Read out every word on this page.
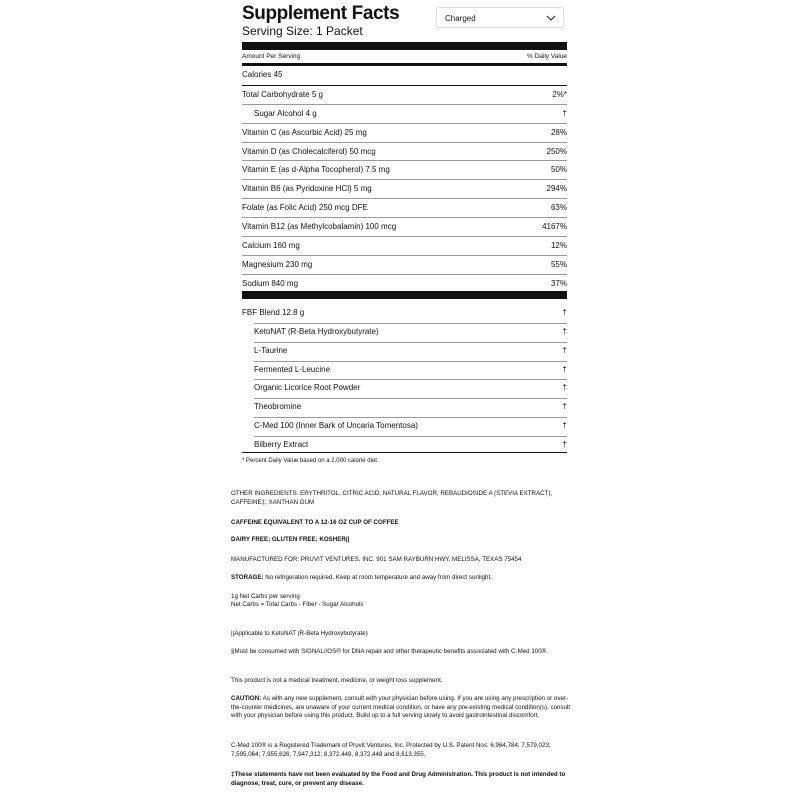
Supplement Facts
Serving Size: 1 Packet
Charged
Amount Per Serving	% Daily Value
Calories 45
Total Carbohydrate 5 g	2%*
Sugar Alcohol 4 g	†
Vitamin C (as Ascorbic Acid) 25 mg	28%
Vitamin D (as Cholecalciferol) 50 mcg	250%
Vitamin E (as d-Alpha Tocopherol) 7.5 mg	50%
Vitamin B6 (as Pyridoxine HCl) 5 mg	294%
Folate (as Folic Acid) 250 mcg DFE	63%
Vitamin B12 (as Methylcobalamin) 100 mcg	4167%
Calcium 160 mg	12%
Magnesium 230 mg	55%
Sodium 840 mg	37%
FBF Blend 12.8 g	†
KetoNAT (R-Beta Hydroxybutyrate)	†
L-Taurine	†
Fermented L-Leucine	†
Organic Licorice Root Powder	†
Theobromine	†
C-Med 100 (Inner Bark of Uncaria Tomentosa)	†
Bilberry Extract	†
* Percent Daily Value based on a 2,000 calorie diet.
OTHER INGREDIENTS: ERYTHRITOL, CITRIC ACID, NATURAL FLAVOR, REBAUDIOSIDE A (STEVIA EXTRACT), CAFFEINE‡, XANTHAN GUM
CAFFEINE EQUIVALENT TO A 12-16 OZ CUP OF COFFEE
DAIRY FREE; GLUTEN FREE; KOSHER||
MANUFACTURED FOR: PRUVIT VENTURES, INC. 901 SAM RAYBURN HWY, MELISSA, TEXAS 75454
STORAGE: No refrigeration required. Keep at room temperature and away from direct sunlight.
1g Net Carbs per serving
Net Carbs = Total Carbs - Fiber - Sugar Alcohols
||Applicable to KetoNAT (R-Beta Hydroxybutyrate)
§Must be consumed with SIGNAL//OS® for DNA repair and other therapeutic benefits associated with C-Med 100®.
This product is not a medical treatment, medicine, or weight loss supplement.
CAUTION: As with any new supplement, consult with your physician before using. If you are using any prescription or over-the-counter medicines, are unaware of your current medical condition, or have any pre-existing medical condition(s), consult with your physician before using this product. Build up to a full serving slowly to avoid gastrointestinal discomfort.
C-Med 100® is a Registered Trademark of Pruvit Ventures, Inc. Protected by U.S. Patent Nos: 6,964,784; 7,579,023; 7,595,064; 7,955,626; 7,947,312; 8,372,449, 8,372,448 and 8,613,355.
‡These statements have not been evaluated by the Food and Drug Administration. This product is not intended to diagnose, treat, cure, or prevent any disease.
